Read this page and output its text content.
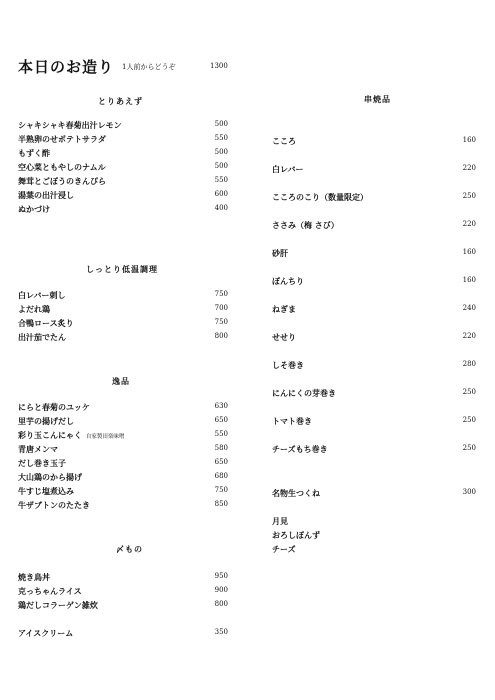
本日のお造り 1人前からどうぞ	1300
とりあえず
シャキシャキ春菊出汁レモン	500
半熟卵のせポテトサラダ	550
もずく酢	500
空心菜ともやしのナムル	500
舞茸とごぼうのきんぴら	550
湯葉の出汁浸し	600
ぬかづけ	400
しっとり低温調理
白レバー刺し	750
よだれ鶏	700
合鴨ロース炙り	750
出汁茄でたん	800
逸品
にらと春菊のユッケ	630
里芋の揚げだし	650
彩り玉こんにゃく 自家製田楽味噌	550
青唐メンマ	580
だし巻き玉子	650
大山鶏のから揚げ	680
牛すじ塩煮込み	750
牛ザブトンのたたき	850
〆もの
焼き鳥丼	950
克っちゃんライス	900
鶏だしコラーゲン雑炊	800
アイスクリーム	350
串焼品
こころ	160
白レバー	220
こころのこり（数量限定）	250
ささみ（梅 さび）	220
砂肝	160
ぼんちり	160
ねぎま	240
せせり	220
しそ巻き	280
にんにくの芽巻き	250
トマト巻き	250
チーズもち巻き	250
名物生つくね	300
月見
おろしぽんず
チーズ
